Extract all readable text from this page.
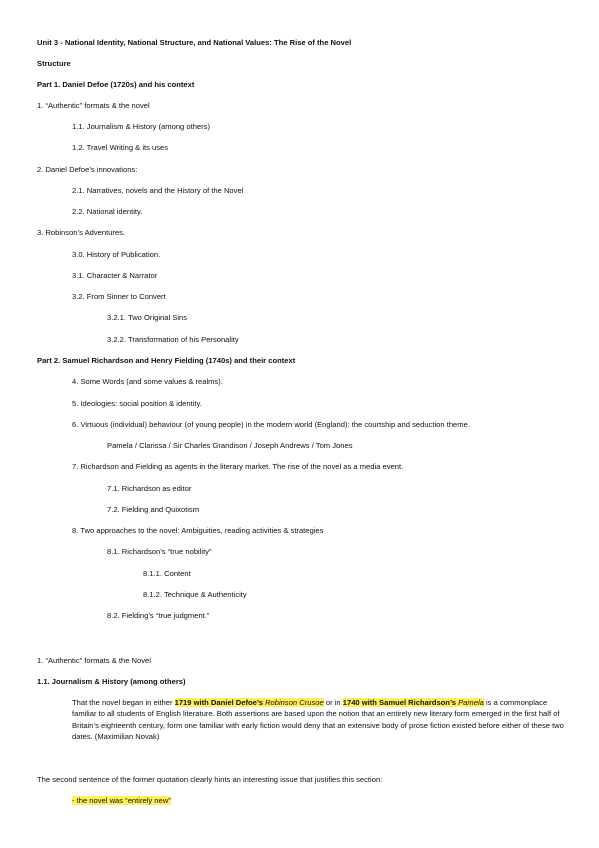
Unit 3 - National Identity, National Structure, and National Values: The Rise of the Novel
Structure
Part 1. Daniel Defoe (1720s) and his context
1. “Authentic” formats & the novel
1.1. Journalism & History (among others)
1.2. Travel Writing & its uses
2. Daniel Defoe’s innovations:
2.1. Narratives, novels and the History of the Novel
2.2. National identity.
3. Robinson’s Adventures.
3.0. History of Publication.
3.1. Character & Narrator
3.2. From Sinner to Convert
3.2.1. Two Original Sins
3.2.2. Transformation of his Personality
Part 2. Samuel Richardson and Henry Fielding (1740s) and their context
4. Some Words (and some values & realms).
5. Ideologies: social position & identity.
6. Virtuous (individual) behaviour (of young people) in the modern world (England): the courtship and seduction theme.
Pamela / Clarissa / Sir Charles Grandison / Joseph Andrews / Tom Jones
7. Richardson and Fielding as agents in the literary market. The rise of the novel as a media event.
7.1. Richardson as editor
7.2. Fielding and Quixotism
8. Two approaches to the novel: Ambiguities, reading activities & strategies
8.1. Richardson’s “true nobility”
8.1.1. Content
8.1.2. Technique & Authenticity
8.2. Fielding’s “true judgment.”
1. “Authentic” formats & the Novel
1.1. Journalism & History (among others)
That the novel began in either 1719 with Daniel Defoe’s Robinson Crusoe or in 1740 with Samuel Richardson’s Pamela is a commonplace familiar to all students of English literature. Both assertions are based upon the notion that an entirely new literary form emerged in the first half of Britain’s eighteenth century, form one familiar with early fiction would deny that an extensive body of prose fiction existed before either of these two dates. (Maximilian Novak)
The second sentence of the former quotation clearly hints an interesting issue that justifies this section:
- the novel was “entirely new”
